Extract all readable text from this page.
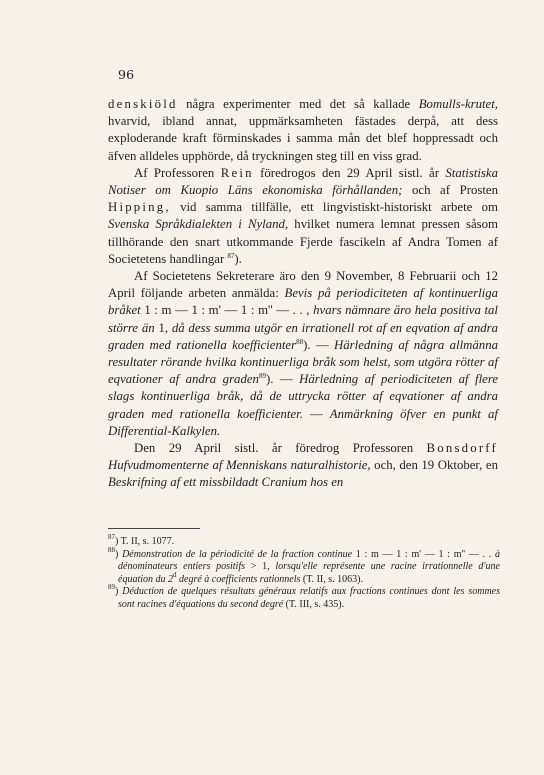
96

denskiöld några experimenter med det så kallade Bomulls-krutet, hvarvid, ibland annat, uppmärksamheten fästades derpå, att dess exploderande kraft förminskades i samma mån det blef hoppressadt och äfven alldeles upphörde, då tryckningen steg till en viss grad.

Af Professoren Rein föredrogos den 29 April sistl. år Statistiska Notiser om Kuopio Läns ekonomiska förhållanden; och af Prosten Hipping, vid samma tillfälle, ett lingvistiskt-historiskt arbete om Svenska Språkdialekten i Nyland, hvilket numera lemnat pressen såsom tillhörande den snart utkommande Fjerde fascikeln af Andra Tomen af Societetens handlingar $^{87}$).

Af Societetens Sekreterare äro den 9 November, 8 Februarii och 12 April följande arbeten anmälda: Bevis på periodiciteten af kontinuerliga bråket 1 : m — 1 : m' — 1 : m'' — . . , hvars nämnare äro hela positiva tal större än 1, då dess summa utgör en irrationell rot af en eqvation af andra graden med rationella koefficienter$^{88}$). — Härledning af några allmänna resultater rörande hvilka kontinuerliga bråk som helst, som utgöra rötter af eqvationer af andra graden$^{89}$). — Härledning af periodiciteten af flere slags kontinuerliga bråk, då de uttrycka rötter af eqvationer af andra graden med rationella koefficienter. — Anmärkning öfver en punkt af Differential-Kalkylen.

Den 29 April sistl. år föredrog Professoren Bonsdorff Hufvudmomenterne af Menniskans naturalhistorie, och, den 19 Oktober, en Beskrifning af ett missbildadt Cranium hos en

$^{87}$) T. II, s. 1077.

$^{88}$) Démonstration de la périodicité de la fraction continue 1 : m — 1 : m' — 1 : m'' — . . à dénominateurs entiers positifs > 1, lorsqu'elle représente une racine irrationnelle d'une équation du 2$^d$ degré à coefficients rationnels (T. II, s. 1063).

$^{89}$) Déduction de quelques résultats généraux relatifs aux fractions continues dont les sommes sont racines d'équations du second degré (T. III, s. 435).
